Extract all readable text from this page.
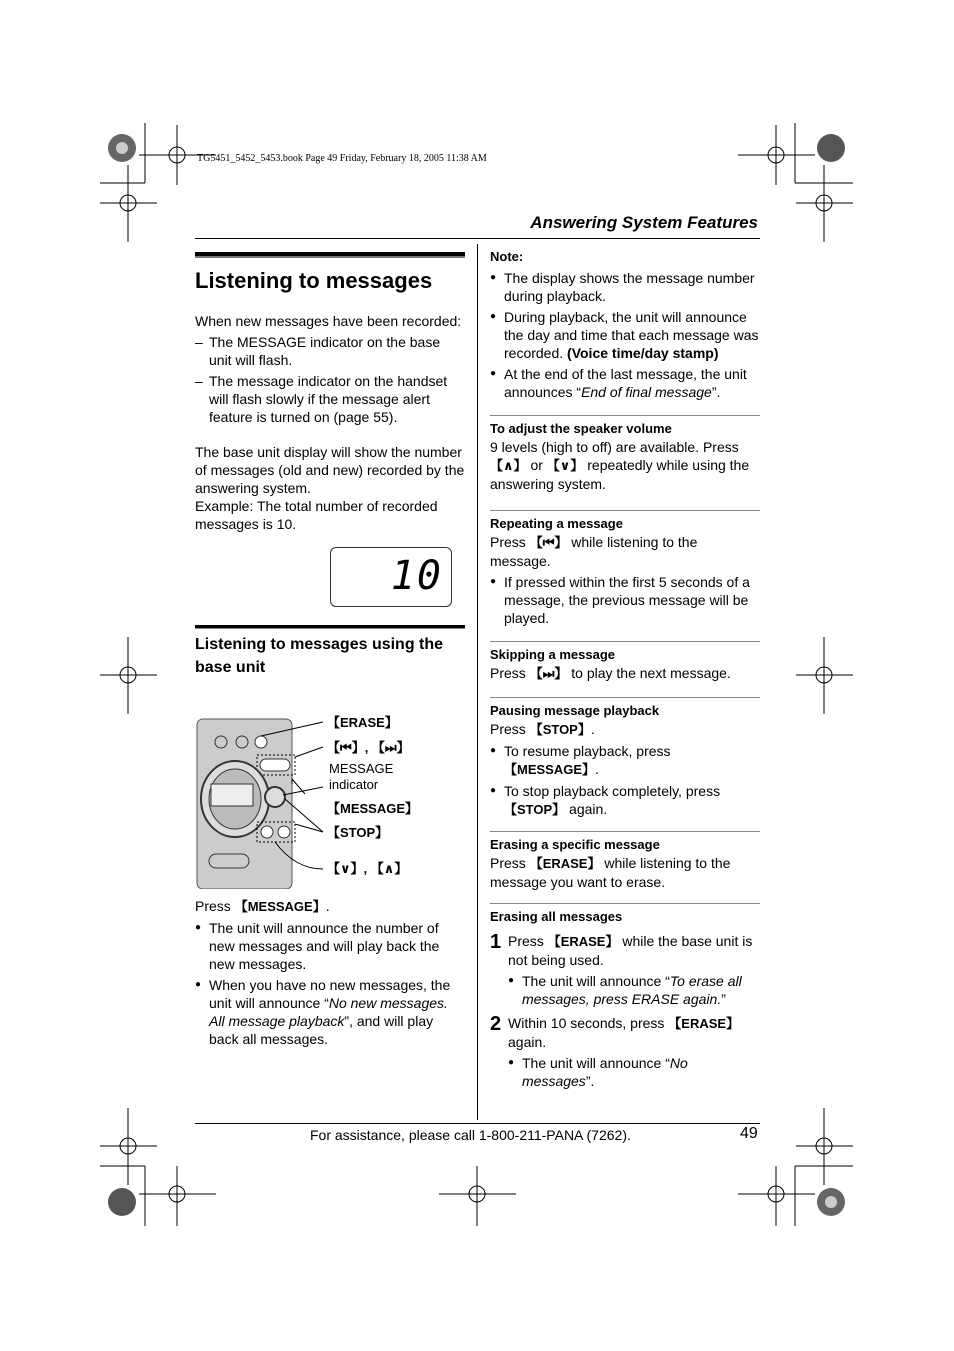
TG5451_5452_5453.book Page 49 Friday, February 18, 2005 11:38 AM
Answering System Features
Listening to messages

When new messages have been recorded:

– The MESSAGE indicator on the base unit will flash.
– The message indicator on the handset will flash slowly if the message alert feature is turned on (page 55).

The base unit display will show the number of messages (old and new) recorded by the answering system.

Example: The total number of recorded messages is 10.

10
Listening to messages using the base unit
【ERASE】
【⏮】, 【⏭】
MESSAGE indicator
【MESSAGE】
【STOP】
【∨】, 【∧】

Press 【MESSAGE】.

● The unit will announce the number of new messages and will play back the new messages.
● When you have no new messages, the unit will announce “No new messages. All message playback”, and will play back all messages.
Note:
● The display shows the message number during playback.
● During playback, the unit will announce the day and time that each message was recorded. (Voice time/day stamp)
● At the end of the last message, the unit announces “End of final message”.
To adjust the speaker volume

9 levels (high to off) are available. Press 【∧】 or 【∨】 repeatedly while using the answering system.

Repeating a message

Press 【⏮】 while listening to the message.

● If pressed within the first 5 seconds of a message, the previous message will be played.
Skipping a message

Press 【⏭】 to play the next message.

Pausing message playback

Press 【STOP】.

● To resume playback, press 【MESSAGE】.
● To stop playback completely, press 【STOP】 again.
Erasing a specific message

Press 【ERASE】 while listening to the message you want to erase.

Erasing all messages
1 Press 【ERASE】 while the base unit is not being used.

● The unit will announce “To erase all messages, press ERASE again.”
2 Within 10 seconds, press 【ERASE】 again.

● The unit will announce “No messages”.
For assistance, please call 1-800-211-PANA (7262).	49
